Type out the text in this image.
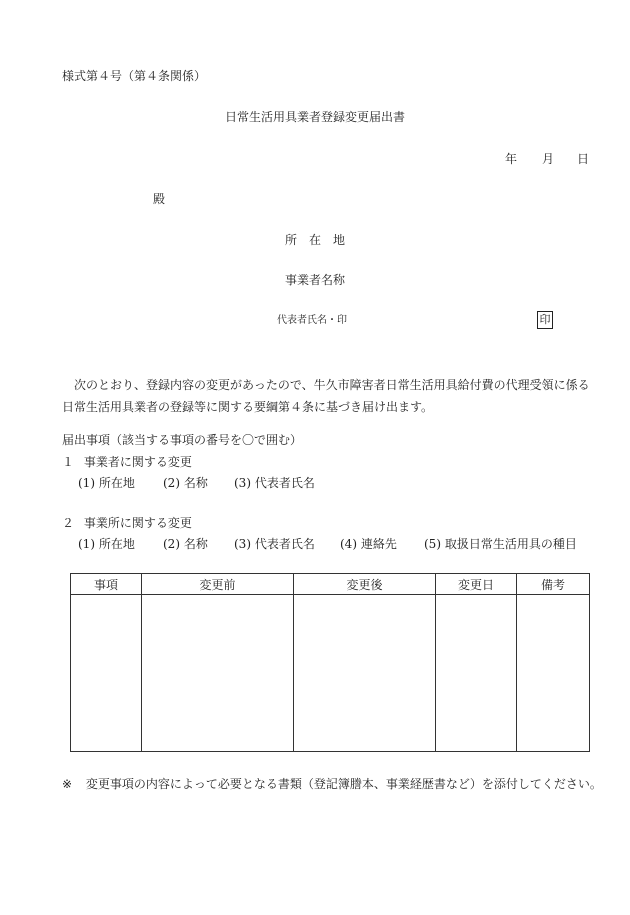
様式第４号（第４条関係）
日常生活用具業者登録変更届出書
年 月 日
殿
所　在　地
事業者名称
代表者氏名・印	印
次のとおり、登録内容の変更があったので、牛久市障害者日常生活用具給付費の代理受領に係る日常生活用具業者の登録等に関する要綱第４条に基づき届け出ます。
届出事項（該当する事項の番号を〇で囲む）
１ 事業者に関する変更
(1) 所在地 (2) 名称 (3) 代表者氏名
２ 事業所に関する変更
(1) 所在地 (2) 名称 (3) 代表者氏名 (4) 連絡先 (5) 取扱日常生活用具の種目
事項	変更前	変更後	変更日	備考

※ 変更事項の内容によって必要となる書類（登記簿謄本、事業経歴書など）を添付してください。
